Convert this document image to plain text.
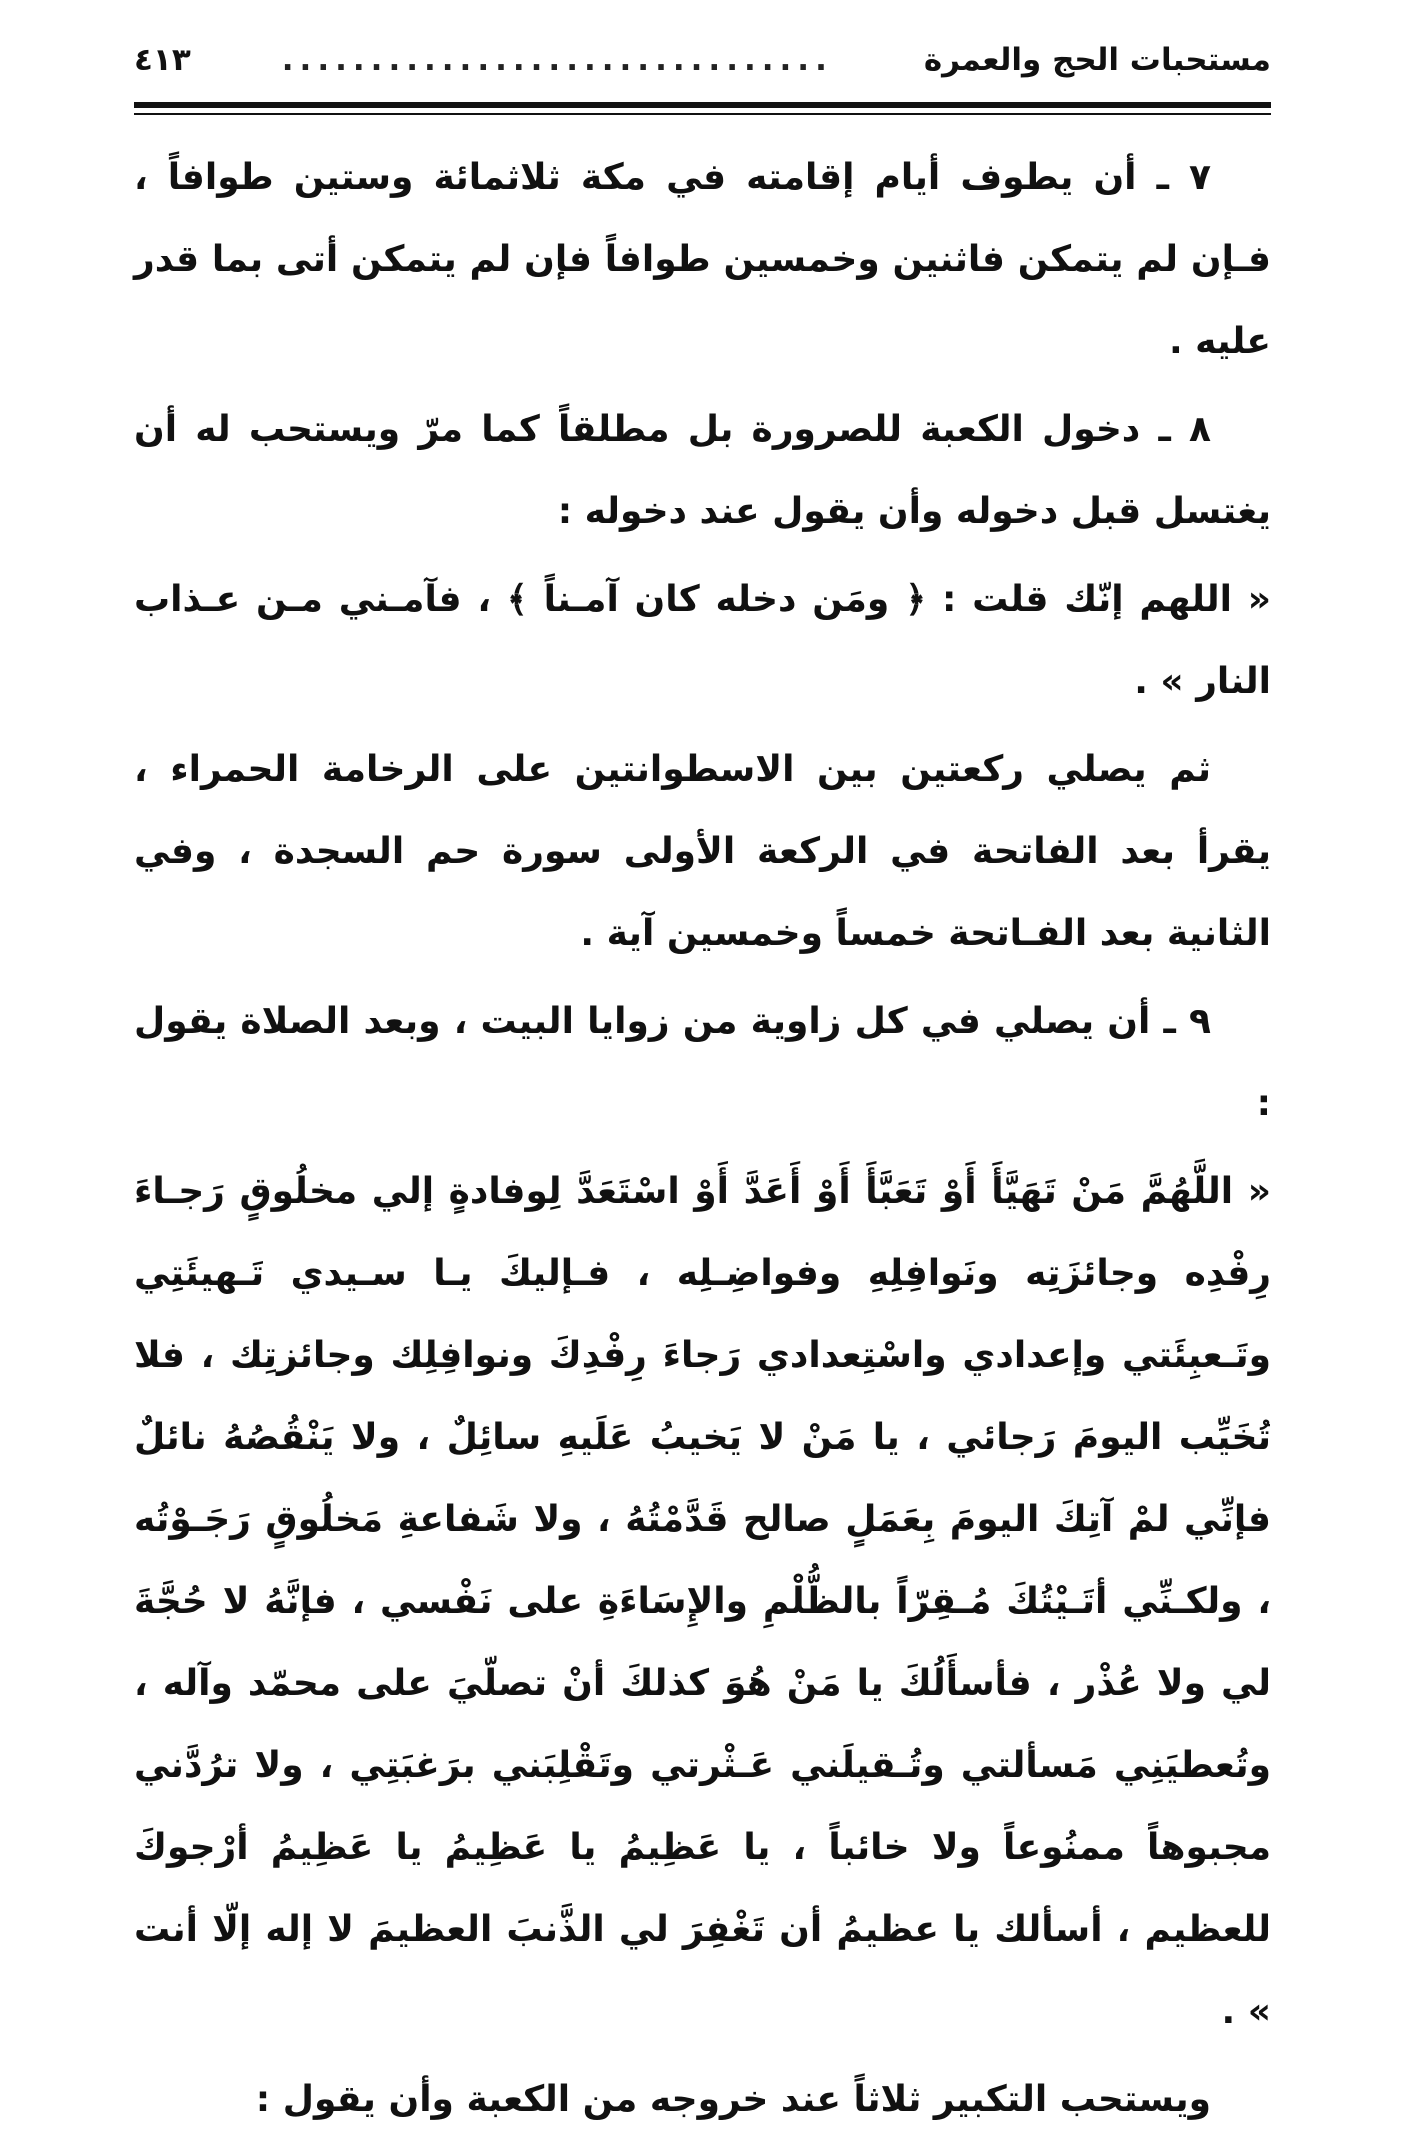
مستحبات الحج والعمرة
...............................
٤١٣

٧ ـ أن يطوف أيام إقامته في مكة ثلاثمائة وستين طوافاً ، فـإن لم يتمكن فاثنين وخمسين طوافاً فإن لم يتمكن أتى بما قدر عليه .

٨ ـ دخول الكعبة للصرورة بل مطلقاً كما مرّ ويستحب له أن يغتسل قبل دخوله وأن يقول عند دخوله :

« اللهم إنّك قلت : ﴿ ومَن دخله كان آمـناً ﴾ ، فآمـني مـن عـذاب النار » .

ثم يصلي ركعتين بين الاسطوانتين على الرخامة الحمراء ، يقرأ بعد الفاتحة في الركعة الأولى سورة حم السجدة ، وفي الثانية بعد الفـاتحة خمساً وخمسين آية .

٩ ـ أن يصلي في كل زاوية من زوايا البيت ، وبعد الصلاة يقول :

« اللَّهُمَّ مَنْ تَهَيَّأَ أَوْ تَعَبَّأَ أَوْ أَعَدَّ أَوْ اسْتَعَدَّ لِوفادةٍ إلي مخلُوقٍ رَجـاءَ رِفْدِه وجائزَتِه ونَوافِلِهِ وفواضِـلِه ، فـإليكَ يـا سـيدي تَـهيئَتِي وتَـعبِئَتي وإعدادي واسْتِعدادي رَجاءَ رِفْدِكَ ونوافِلِك وجائزتِك ، فلا تُخَيِّب اليومَ رَجائي ، يا مَنْ لا يَخيبُ عَلَيهِ سائِلٌ ، ولا يَنْقُصُهُ نائلٌ فإنِّي لمْ آتِكَ اليومَ بِعَمَلٍ صالح قَدَّمْتُهُ ، ولا شَفاعةِ مَخلُوقٍ رَجَـوْتُه ، ولكـنِّي أتَـيْتُكَ مُـقِرّاً بالظُّلْمِ والإِسَاءَةِ على نَفْسي ، فإنَّهُ لا حُجَّةَ لي ولا عُذْر ، فأسأَلُكَ يا مَنْ هُوَ كذلكَ أنْ تصلّيَ على محمّد وآله ، وتُعطيَنِي مَسألتي وتُـقيلَني عَـثْرتي وتَقْلِبَني برَغبَتِي ، ولا ترُدَّني مجبوهاً ممنُوعاً ولا خائباً ، يا عَظِيمُ يا عَظِيمُ يا عَظِيمُ أرْجوكَ للعظيم ، أسألك يا عظيمُ أن تَغْفِرَ لي الذَّنبَ العظيمَ لا إله إلّا أنت » .

ويستحب التكبير ثلاثاً عند خروجه من الكعبة وأن يقول :
